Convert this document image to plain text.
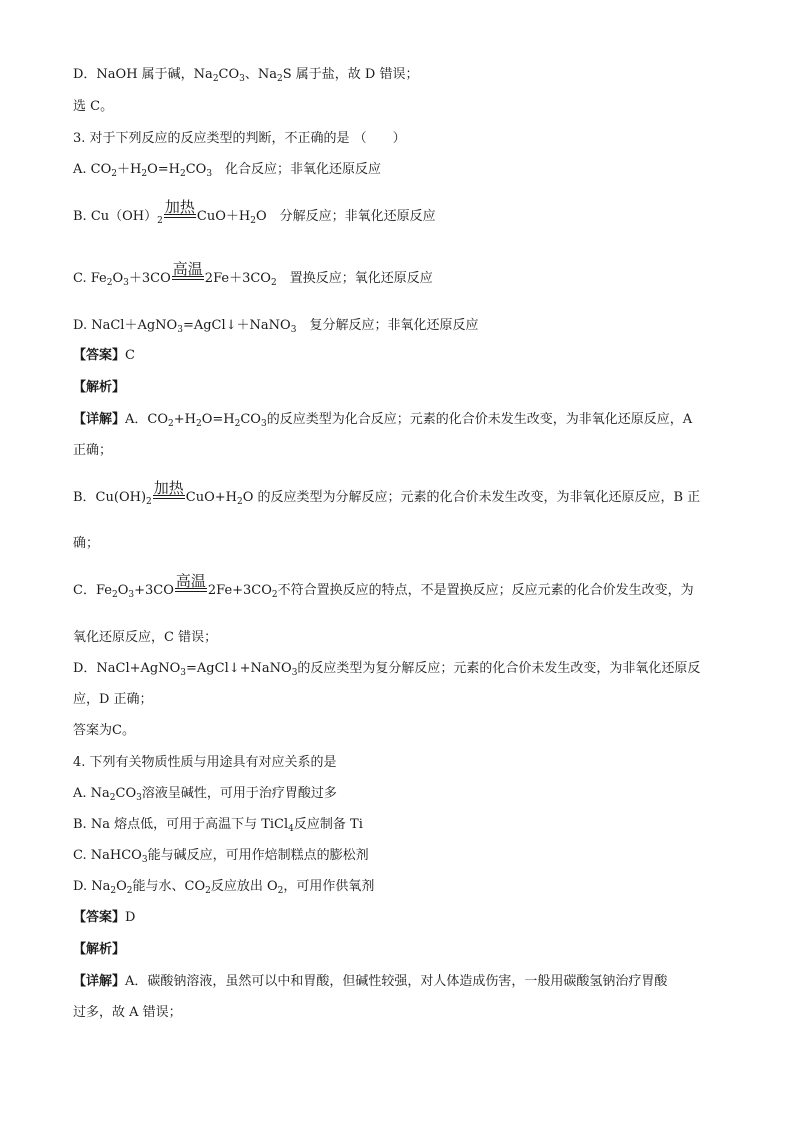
D．NaOH 属于碱，$Na_2CO_3$、$Na_2S$ 属于盐，故 D 错误；
选 C。
3. 对于下列反应的反应类型的判断，不正确的是 （　　）
A. $CO_2+H_2O=H_2CO_3$　化合反应；非氧化还原反应
B. $Cu(OH)_2$
加热
$CuO+H_2O$　分解反应；非氧化还原反应
C. $Fe_2O_3+3CO$
高温
$2Fe+3CO_2$　置换反应；氧化还原反应
D. NaCl＋AgNO$_3$=AgCl↓＋NaNO$_3$　复分解反应；非氧化还原反应
【答案】C
【解析】
【详解】A．$CO_2+H_2O=H_2CO_3$的反应类型为化合反应；元素的化合价未发生改变，为非氧化还原反应，A
正确；
B．$Cu(OH)_2$
加热
$CuO+H_2O$ 的反应类型为分解反应；元素的化合价未发生改变，为非氧化还原反应，B 正
确；
C．$Fe_2O_3+3CO$
高温
$2Fe+3CO_2$不符合置换反应的特点，不是置换反应；反应元素的化合价发生改变，为
氧化还原反应，C 错误；
D．NaCl+AgNO$_3$=AgCl↓+NaNO$_3$的反应类型为复分解反应；元素的化合价未发生改变，为非氧化还原反
应，D 正确；
答案为C。
4. 下列有关物质性质与用途具有对应关系的是
A. $Na_2CO_3$溶液呈碱性，可用于治疗胃酸过多
B. Na 熔点低，可用于高温下与 TiCl$_4$反应制备 Ti
C. NaHCO$_3$能与碱反应，可用作焙制糕点的膨松剂
D. $Na_2O_2$能与水、$CO_2$反应放出 $O_2$，可用作供氧剂
【答案】D
【解析】
【详解】A．碳酸钠溶液，虽然可以中和胃酸，但碱性较强，对人体造成伤害，一般用碳酸氢钠治疗胃酸
过多，故 A 错误；
